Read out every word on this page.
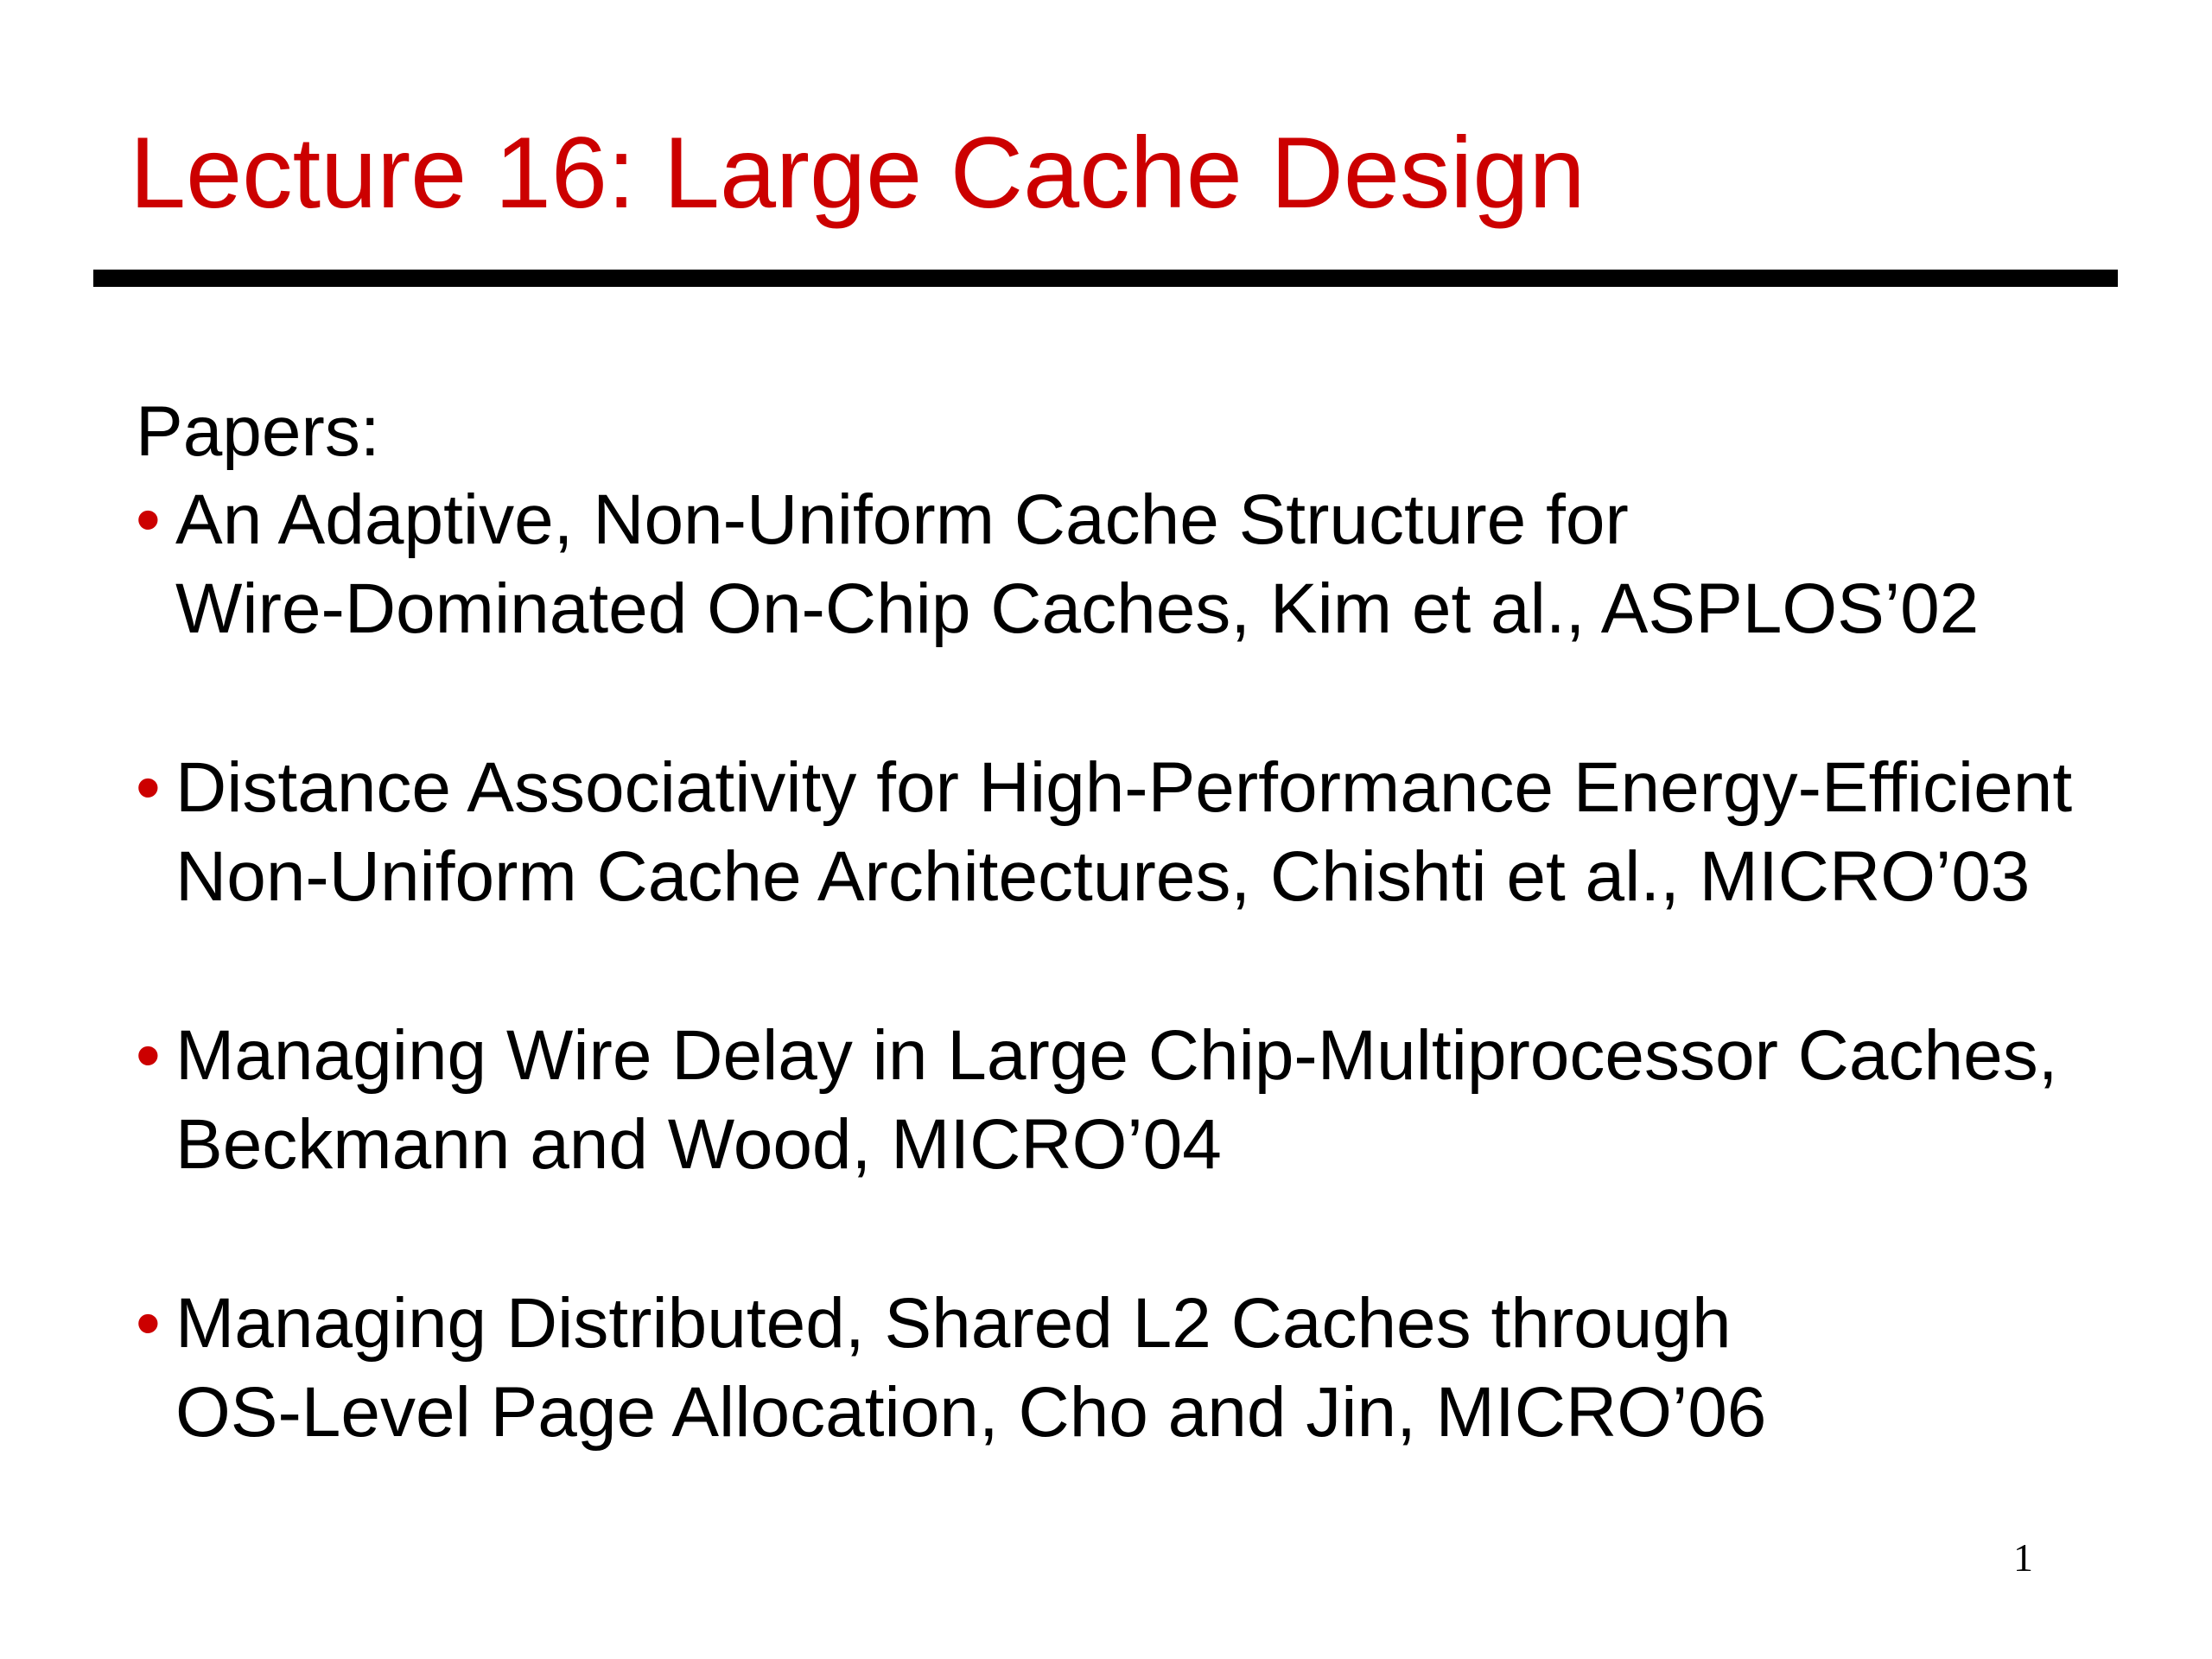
Lecture 16: Large Cache Design
Papers:
• An Adaptive, Non-Uniform Cache Structure for
Wire-Dominated On-Chip Caches, Kim et al., ASPLOS’02
• Distance Associativity for High-Performance Energy-Efficient
Non-Uniform Cache Architectures, Chishti et al., MICRO’03
• Managing Wire Delay in Large Chip-Multiprocessor Caches,
Beckmann and Wood, MICRO’04
• Managing Distributed, Shared L2 Caches through
OS-Level Page Allocation, Cho and Jin, MICRO’06
1
